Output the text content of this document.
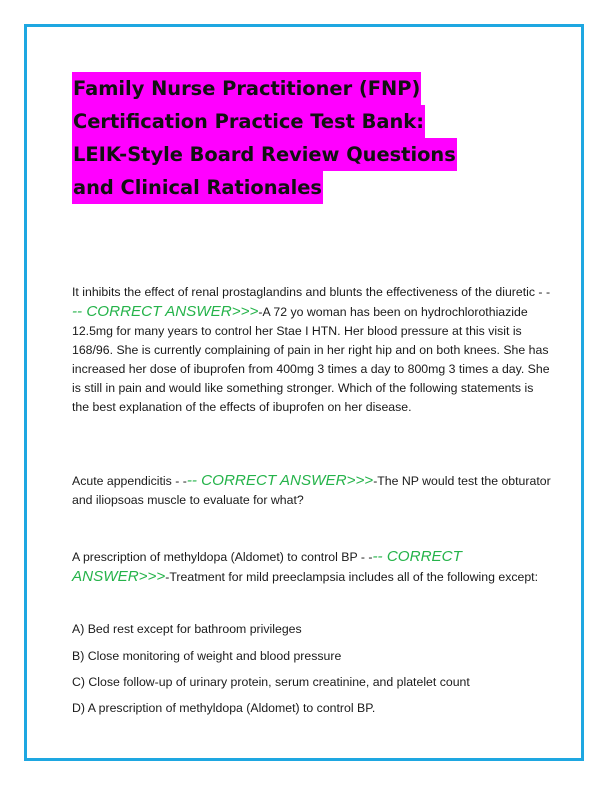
Family Nurse Practitioner (FNP)
Certification Practice Test Bank:
LEIK-Style Board Review Questions
and Clinical Rationales
It inhibits the effect of renal prostaglandins and blunts the effectiveness of the diuretic - --- CORRECT ANSWER>>>-A 72 yo woman has been on hydrochlorothiazide 12.5mg for many years to control her Stae I HTN. Her blood pressure at this visit is 168/96. She is currently complaining of pain in her right hip and on both knees. She has increased her dose of ibuprofen from 400mg 3 times a day to 800mg 3 times a day. She is still in pain and would like something stronger. Which of the following statements is the best explanation of the effects of ibuprofen on her disease.
Acute appendicitis - --- CORRECT ANSWER>>>-The NP would test the obturator and iliopsoas muscle to evaluate for what?
A prescription of methyldopa (Aldomet) to control BP - --- CORRECT ANSWER>>>-Treatment for mild preeclampsia includes all of the following except:
A) Bed rest except for bathroom privileges
B) Close monitoring of weight and blood pressure
C) Close follow-up of urinary protein, serum creatinine, and platelet count
D) A prescription of methyldopa (Aldomet) to control BP.
